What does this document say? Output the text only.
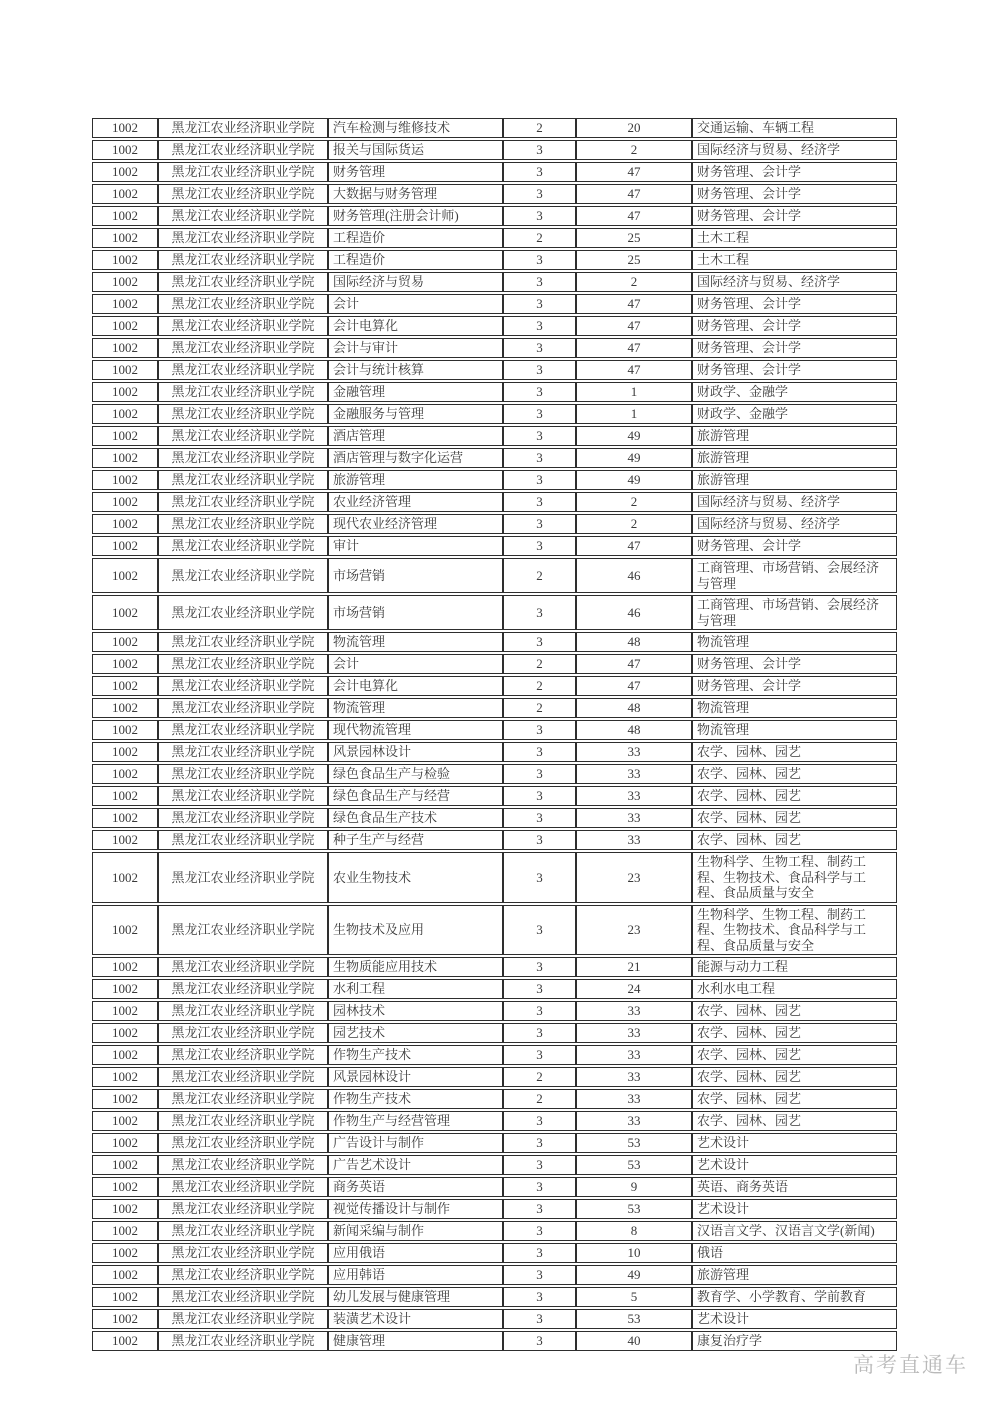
1002	黑龙江农业经济职业学院	汽车检测与维修技术	2	20	交通运输、车辆工程
1002	黑龙江农业经济职业学院	报关与国际货运	3	2	国际经济与贸易、经济学
1002	黑龙江农业经济职业学院	财务管理	3	47	财务管理、会计学
1002	黑龙江农业经济职业学院	大数据与财务管理	3	47	财务管理、会计学
1002	黑龙江农业经济职业学院	财务管理(注册会计师)	3	47	财务管理、会计学
1002	黑龙江农业经济职业学院	工程造价	2	25	土木工程
1002	黑龙江农业经济职业学院	工程造价	3	25	土木工程
1002	黑龙江农业经济职业学院	国际经济与贸易	3	2	国际经济与贸易、经济学
1002	黑龙江农业经济职业学院	会计	3	47	财务管理、会计学
1002	黑龙江农业经济职业学院	会计电算化	3	47	财务管理、会计学
1002	黑龙江农业经济职业学院	会计与审计	3	47	财务管理、会计学
1002	黑龙江农业经济职业学院	会计与统计核算	3	47	财务管理、会计学
1002	黑龙江农业经济职业学院	金融管理	3	1	财政学、金融学
1002	黑龙江农业经济职业学院	金融服务与管理	3	1	财政学、金融学
1002	黑龙江农业经济职业学院	酒店管理	3	49	旅游管理
1002	黑龙江农业经济职业学院	酒店管理与数字化运营	3	49	旅游管理
1002	黑龙江农业经济职业学院	旅游管理	3	49	旅游管理
1002	黑龙江农业经济职业学院	农业经济管理	3	2	国际经济与贸易、经济学
1002	黑龙江农业经济职业学院	现代农业经济管理	3	2	国际经济与贸易、经济学
1002	黑龙江农业经济职业学院	审计	3	47	财务管理、会计学
1002	黑龙江农业经济职业学院	市场营销	2	46	工商管理、市场营销、会展经济与管理
1002	黑龙江农业经济职业学院	市场营销	3	46	工商管理、市场营销、会展经济与管理
1002	黑龙江农业经济职业学院	物流管理	3	48	物流管理
1002	黑龙江农业经济职业学院	会计	2	47	财务管理、会计学
1002	黑龙江农业经济职业学院	会计电算化	2	47	财务管理、会计学
1002	黑龙江农业经济职业学院	物流管理	2	48	物流管理
1002	黑龙江农业经济职业学院	现代物流管理	3	48	物流管理
1002	黑龙江农业经济职业学院	风景园林设计	3	33	农学、园林、园艺
1002	黑龙江农业经济职业学院	绿色食品生产与检验	3	33	农学、园林、园艺
1002	黑龙江农业经济职业学院	绿色食品生产与经营	3	33	农学、园林、园艺
1002	黑龙江农业经济职业学院	绿色食品生产技术	3	33	农学、园林、园艺
1002	黑龙江农业经济职业学院	种子生产与经营	3	33	农学、园林、园艺
1002	黑龙江农业经济职业学院	农业生物技术	3	23	生物科学、生物工程、制药工程、生物技术、食品科学与工程、食品质量与安全
1002	黑龙江农业经济职业学院	生物技术及应用	3	23	生物科学、生物工程、制药工程、生物技术、食品科学与工程、食品质量与安全
1002	黑龙江农业经济职业学院	生物质能应用技术	3	21	能源与动力工程
1002	黑龙江农业经济职业学院	水利工程	3	24	水利水电工程
1002	黑龙江农业经济职业学院	园林技术	3	33	农学、园林、园艺
1002	黑龙江农业经济职业学院	园艺技术	3	33	农学、园林、园艺
1002	黑龙江农业经济职业学院	作物生产技术	3	33	农学、园林、园艺
1002	黑龙江农业经济职业学院	风景园林设计	2	33	农学、园林、园艺
1002	黑龙江农业经济职业学院	作物生产技术	2	33	农学、园林、园艺
1002	黑龙江农业经济职业学院	作物生产与经营管理	3	33	农学、园林、园艺
1002	黑龙江农业经济职业学院	广告设计与制作	3	53	艺术设计
1002	黑龙江农业经济职业学院	广告艺术设计	3	53	艺术设计
1002	黑龙江农业经济职业学院	商务英语	3	9	英语、商务英语
1002	黑龙江农业经济职业学院	视觉传播设计与制作	3	53	艺术设计
1002	黑龙江农业经济职业学院	新闻采编与制作	3	8	汉语言文学、汉语言文学(新闻)
1002	黑龙江农业经济职业学院	应用俄语	3	10	俄语
1002	黑龙江农业经济职业学院	应用韩语	3	49	旅游管理
1002	黑龙江农业经济职业学院	幼儿发展与健康管理	3	5	教育学、小学教育、学前教育
1002	黑龙江农业经济职业学院	装潢艺术设计	3	53	艺术设计
1002	黑龙江农业经济职业学院	健康管理	3	40	康复治疗学
高考直通车
